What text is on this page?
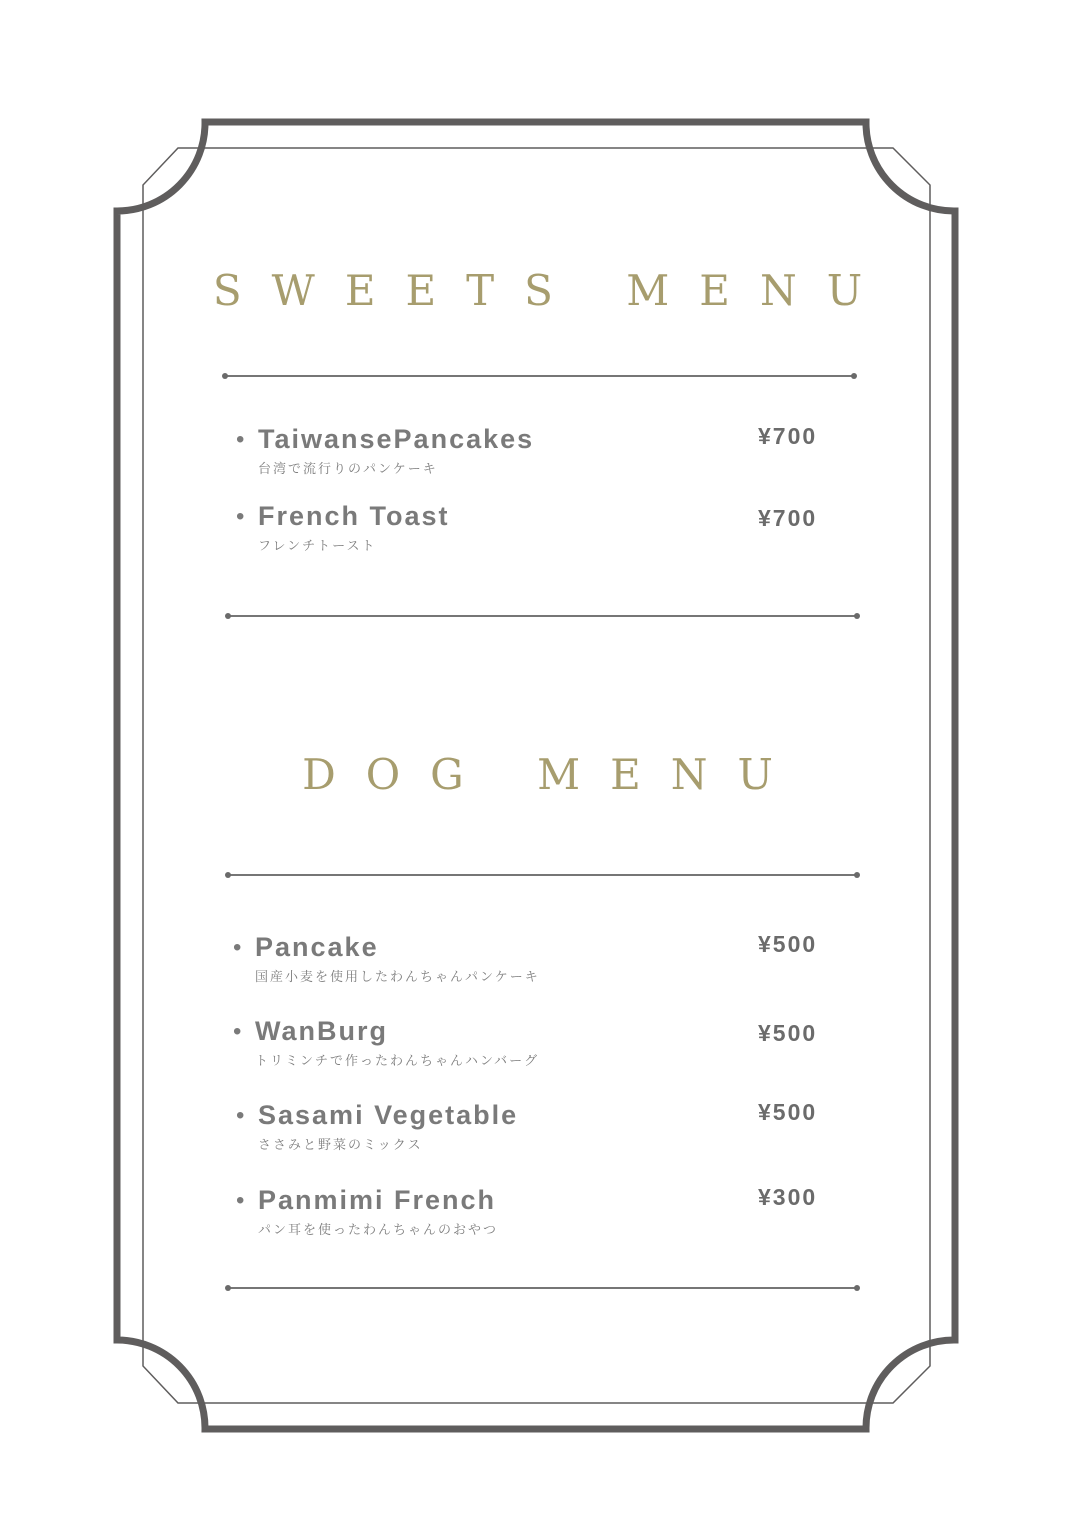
SWEETS MENU
• TaiwansePancakes
台湾で流行りのパンケーキ
¥700
• French Toast
フレンチトースト
¥700
DOG MENU
• Pancake
国産小麦を使用したわんちゃんパンケーキ
¥500
• WanBurg
トリミンチで作ったわんちゃんハンバーグ
¥500
• Sasami Vegetable
ささみと野菜のミックス
¥500
• Panmimi French
パン耳を使ったわんちゃんのおやつ
¥300
